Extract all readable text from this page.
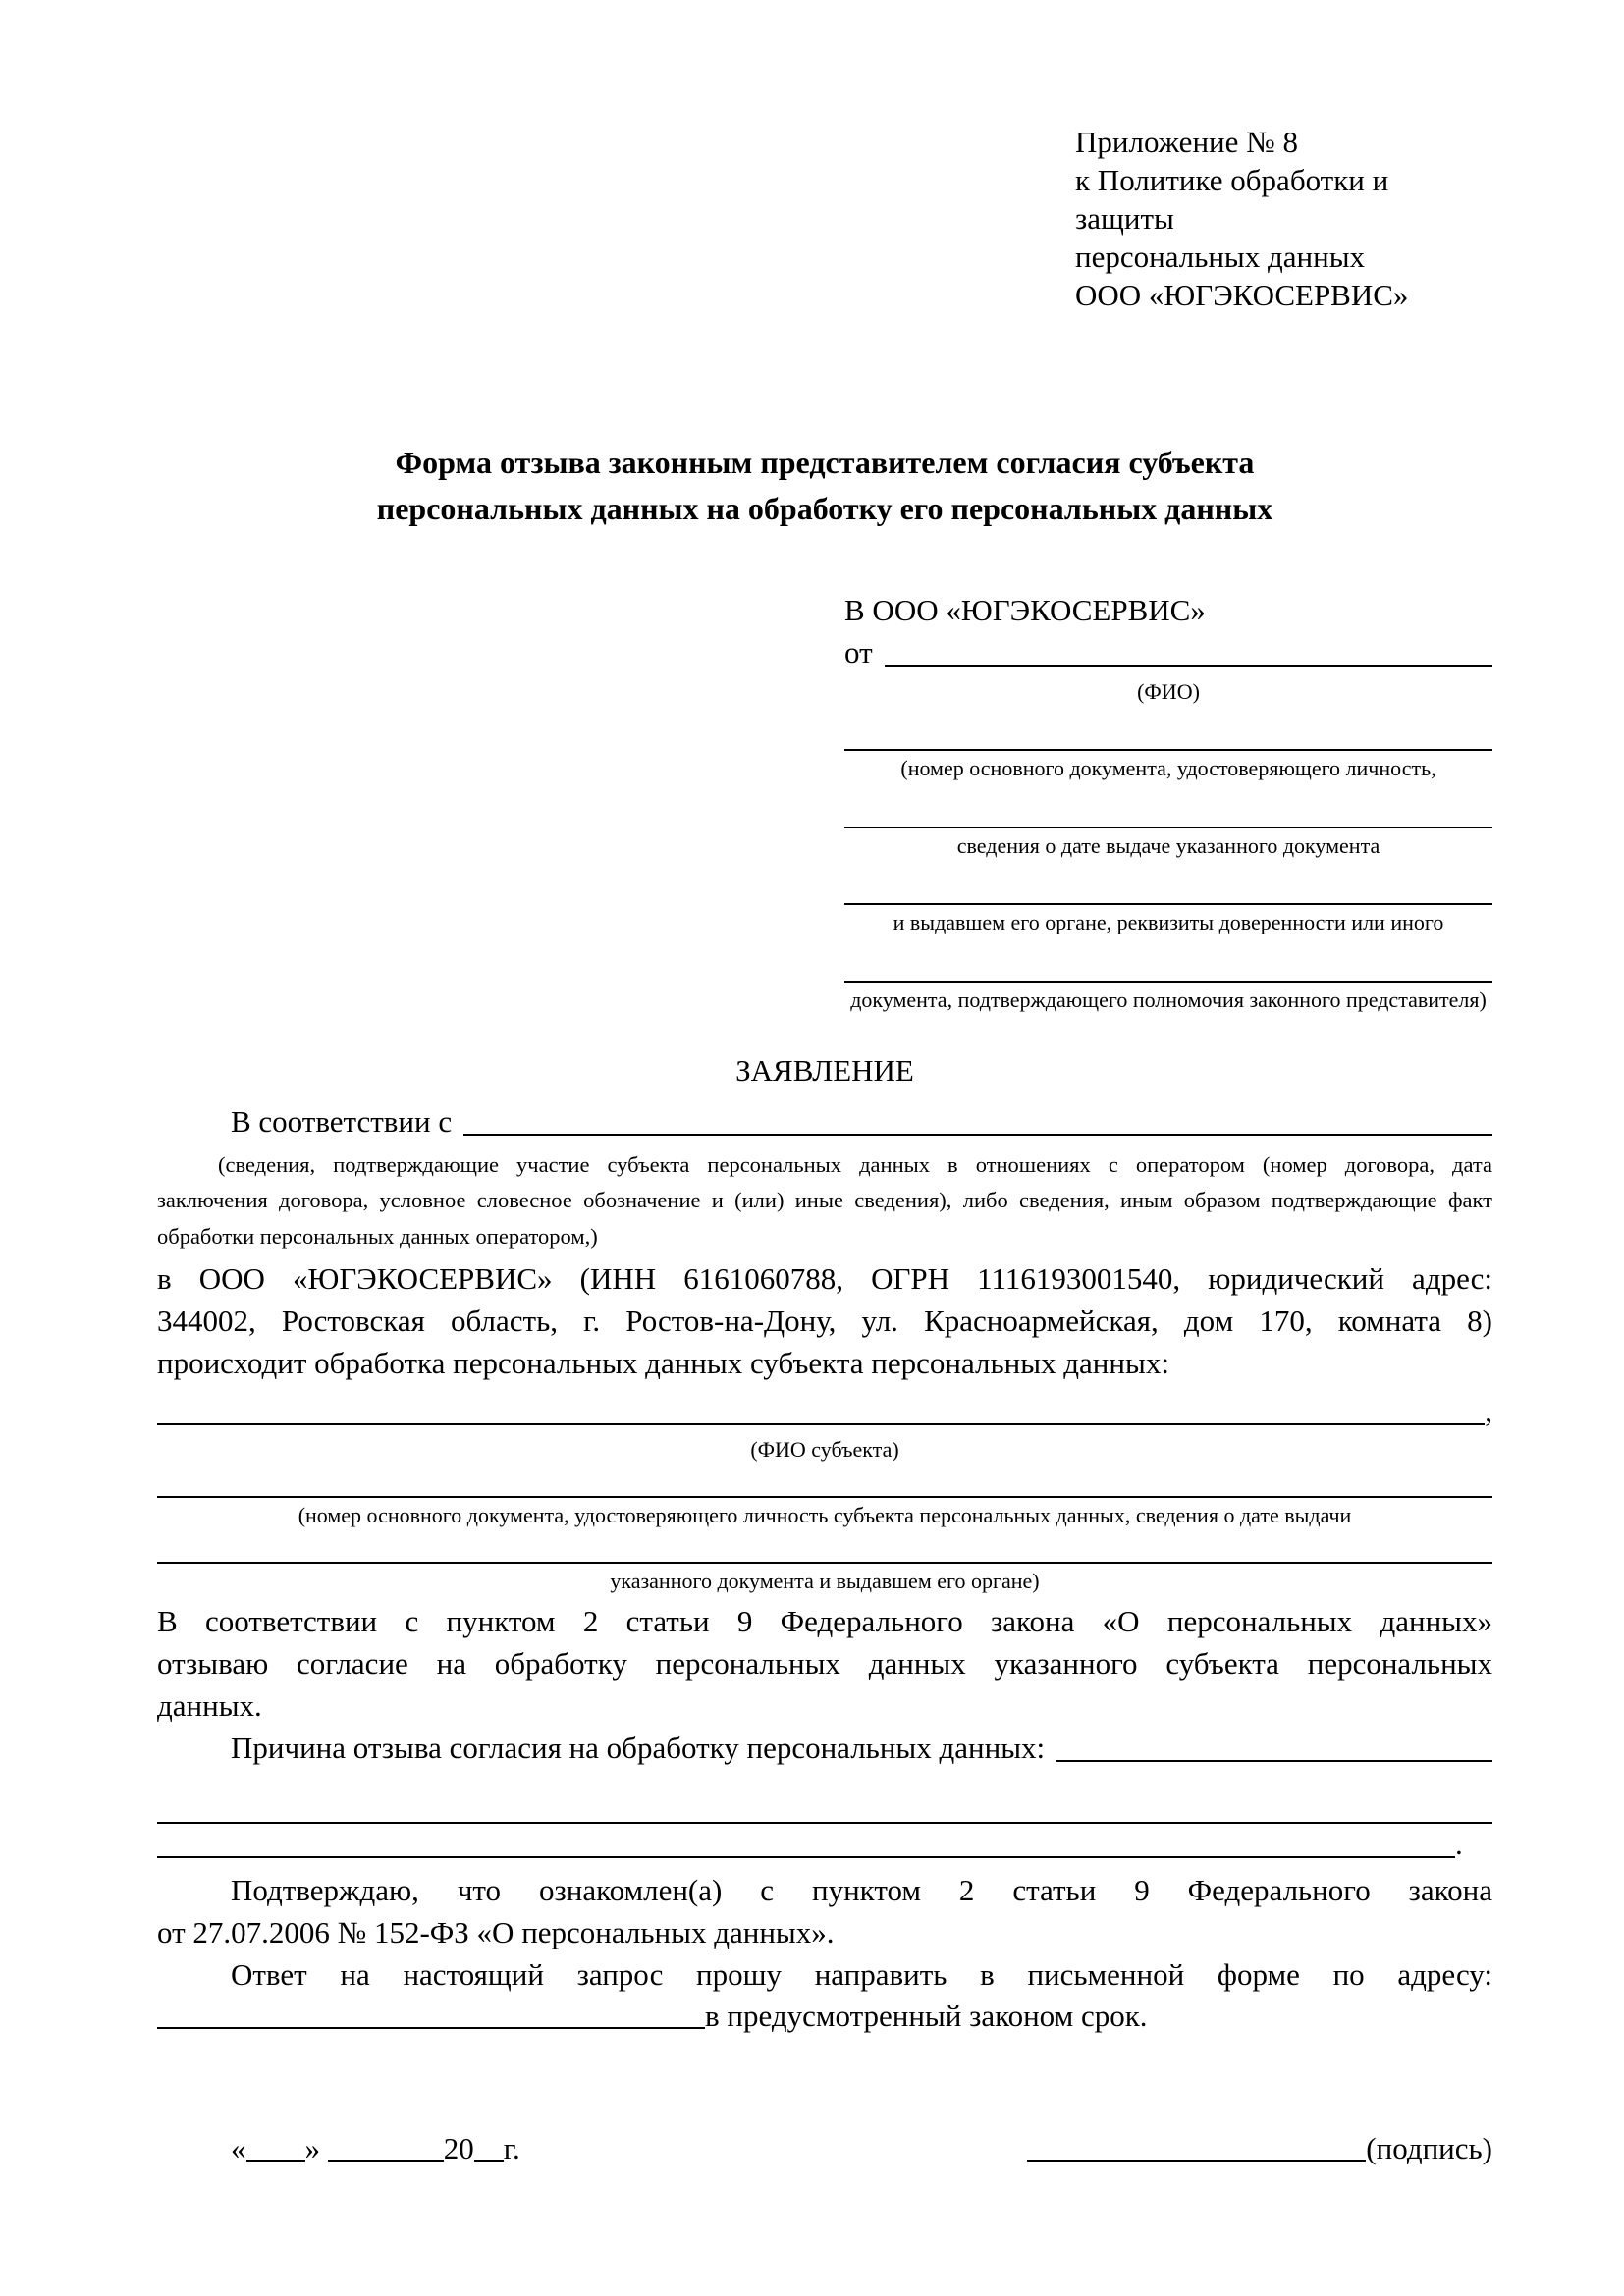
Приложение № 8
к Политике обработки и защиты
персональных данных
ООО «ЮГЭКОСЕРВИС»
Форма отзыва законным представителем согласия субъекта
персональных данных на обработку его персональных данных
В ООО «ЮГЭКОСЕРВИС»
от
(ФИО)
(номер основного документа, удостоверяющего личность,
сведения о дате выдаче указанного документа
и выдавшем его органе, реквизиты доверенности или иного
документа, подтверждающего полномочия законного представителя)
ЗАЯВЛЕНИЕ
В соответствии с
(сведения, подтверждающие участие субъекта персональных данных в отношениях с оператором (номер договора, дата
заключения договора, условное словесное обозначение и (или) иные сведения), либо сведения, иным образом подтверждающие факт
обработки персональных данных оператором,)
в ООО «ЮГЭКОСЕРВИС» (ИНН 6161060788, ОГРН 1116193001540, юридический адрес:
344002, Ростовская область, г. Ростов-на-Дону, ул. Красноармейская, дом 170, комната 8)
происходит обработка персональных данных субъекта персональных данных:
,
(ФИО субъекта)
(номер основного документа, удостоверяющего личность субъекта персональных данных, сведения о дате выдачи
указанного документа и выдавшем его органе)
В соответствии с пунктом 2 статьи 9 Федерального закона «О персональных данных»
отзываю согласие на обработку персональных данных указанного субъекта персональных
данных.
Причина отзыва согласия на обработку персональных данных:
.
Подтверждаю, что ознакомлен(а) с пунктом 2 статьи 9 Федерального закона
от 27.07.2006 № 152-ФЗ «О персональных данных».
Ответ на настоящий запрос прошу направить в письменной форме по адресу:
в предусмотренный законом срок.
« »	20 г.	(подпись)
